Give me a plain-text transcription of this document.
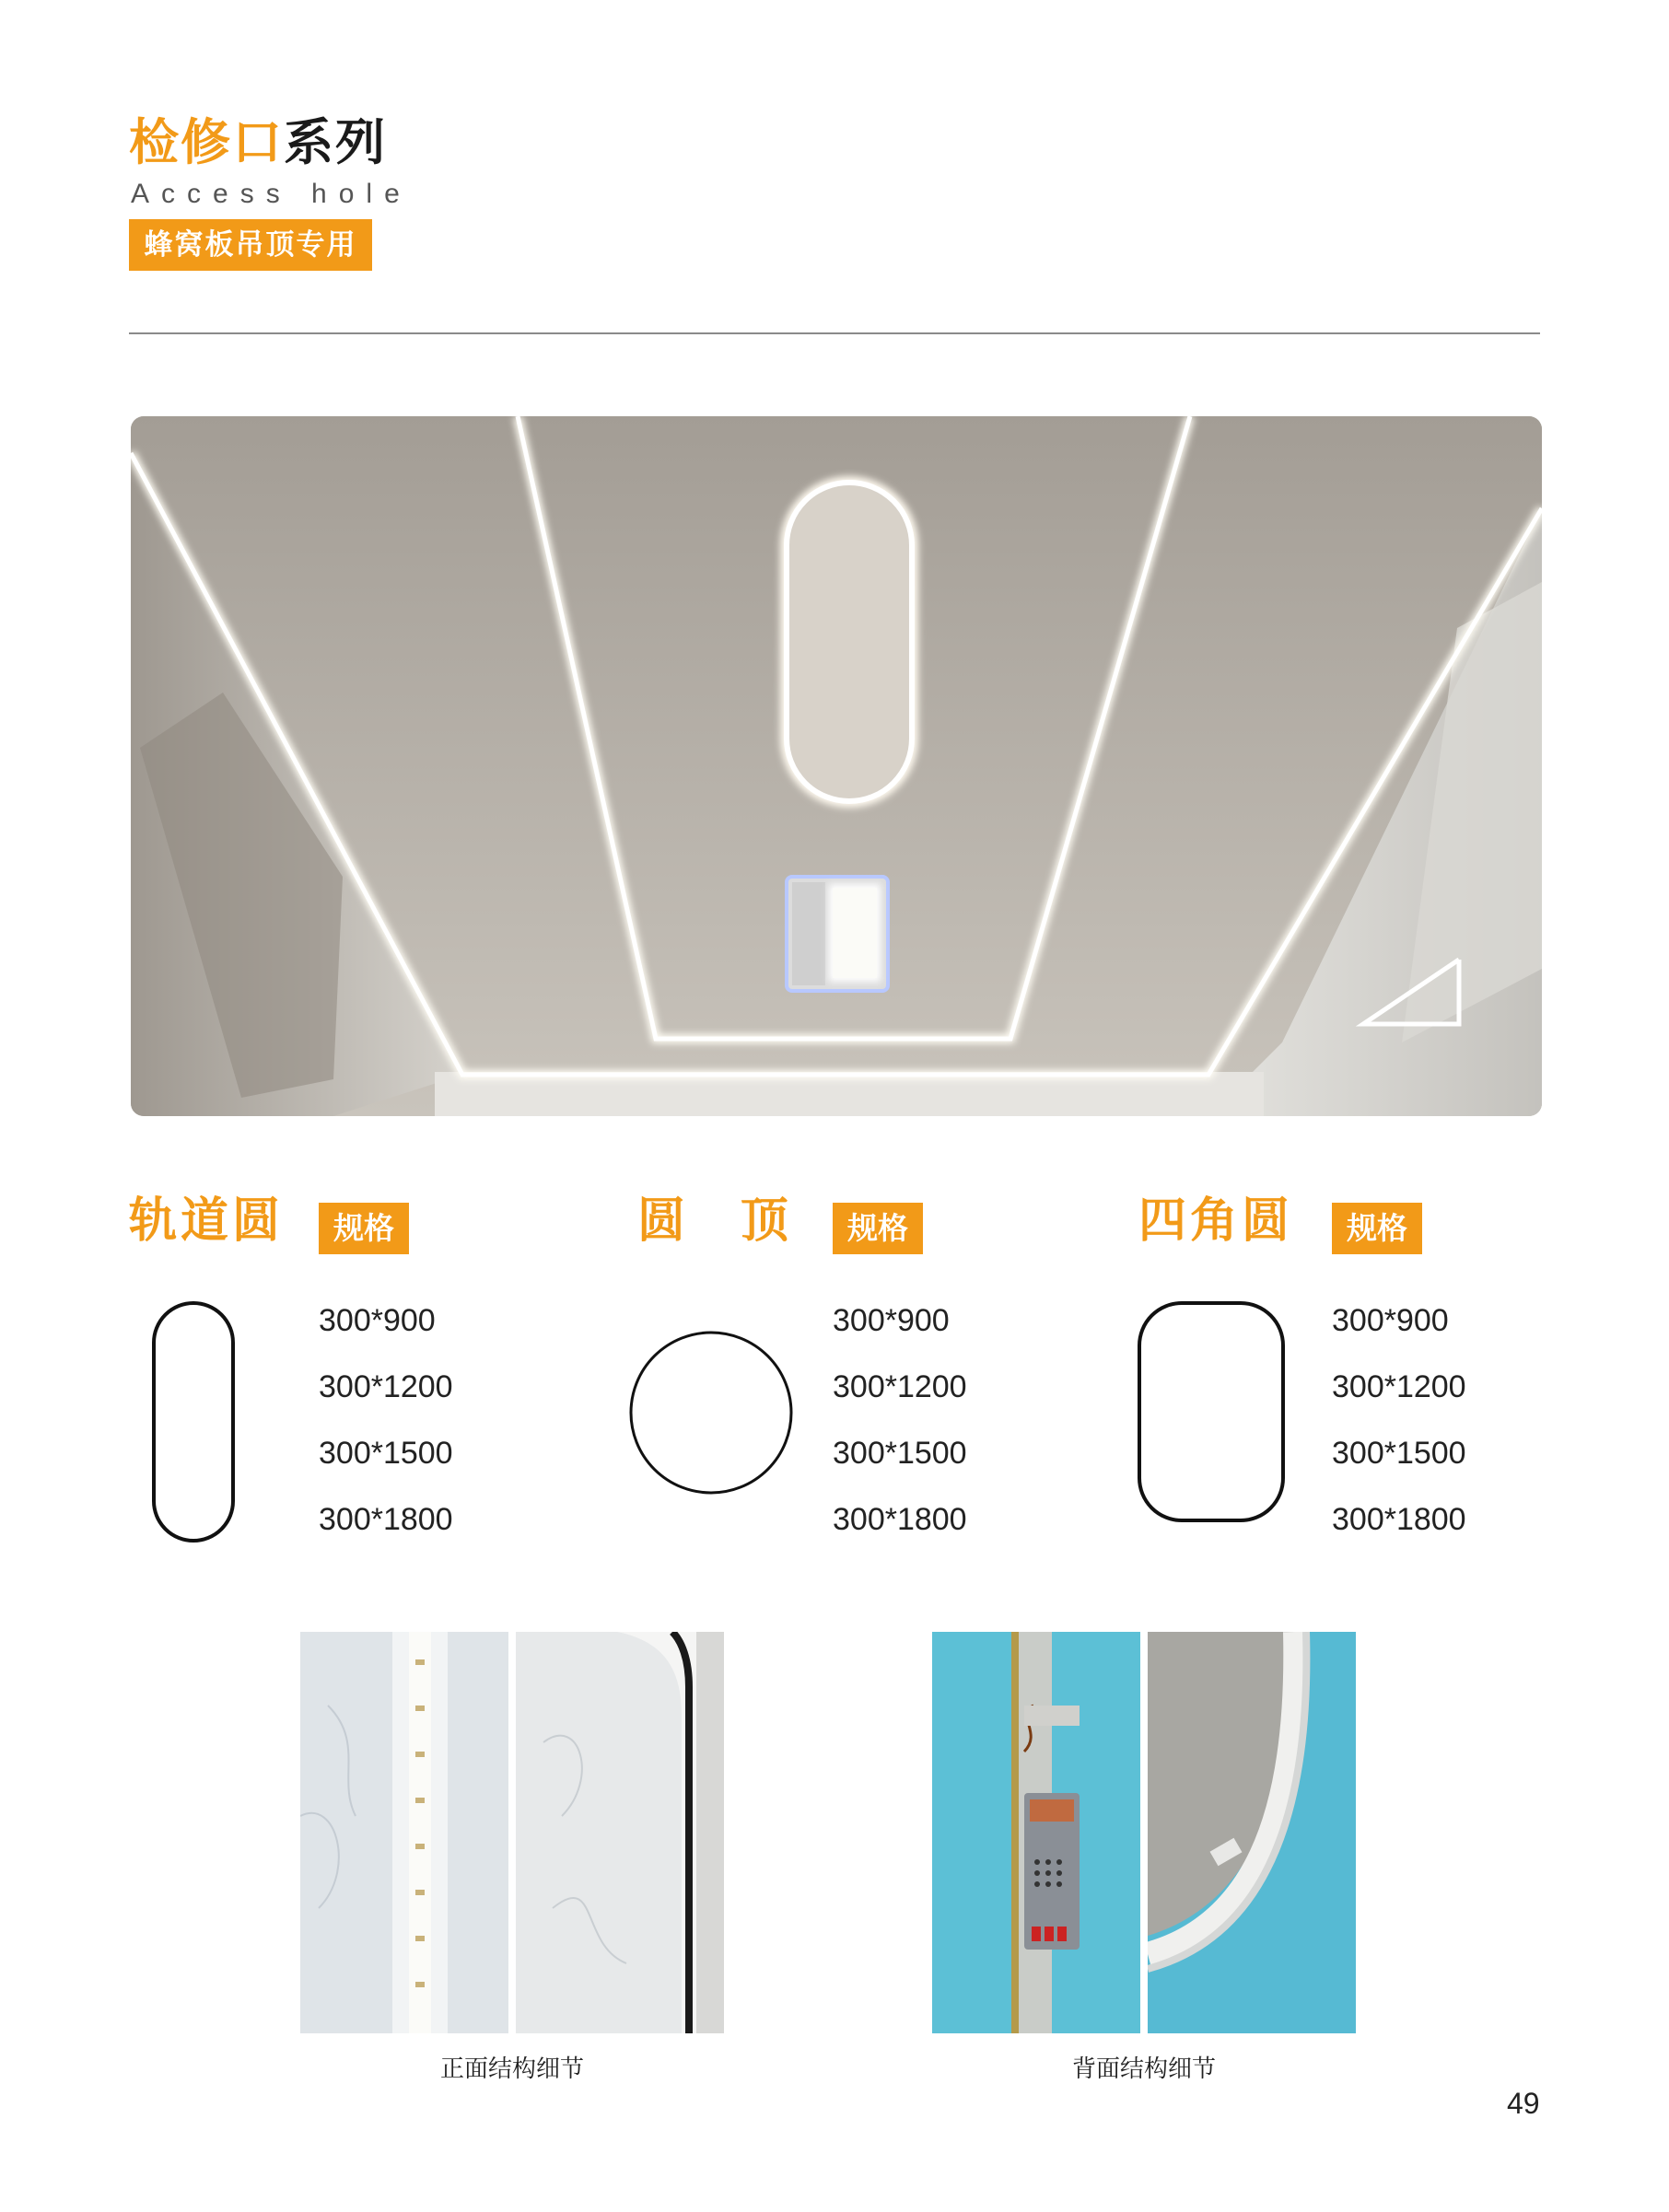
检修口系列
Access hole
蜂窝板吊顶专用
轨道圆	规格
300*900
300*1200
300*1500
300*1800
圆　顶	规格
300*900
300*1200
300*1500
300*1800
四角圆	规格
300*900
300*1200
300*1500
300*1800
正面结构细节	背面结构细节
49
